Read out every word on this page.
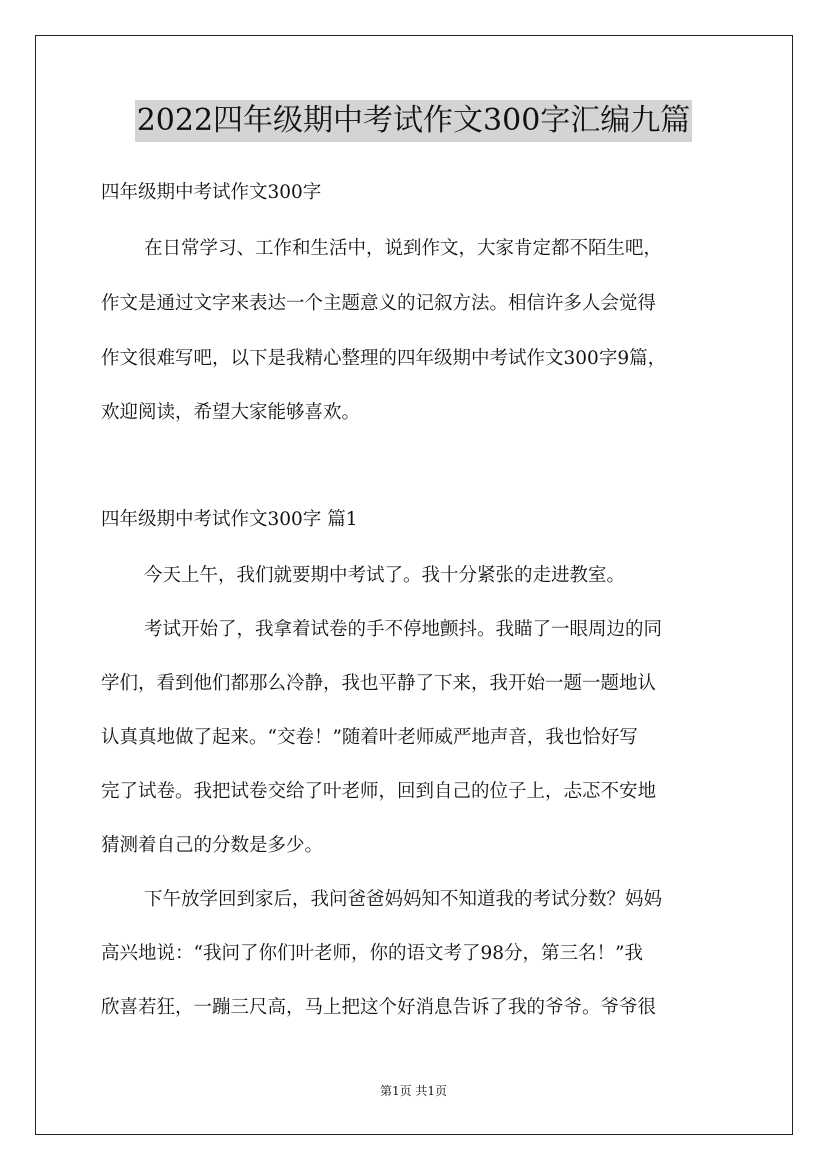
2022四年级期中考试作文300字汇编九篇
四年级期中考试作文300字
在日常学习、工作和生活中，说到作文，大家肯定都不陌生吧，
作文是通过文字来表达一个主题意义的记叙方法。相信许多人会觉得
作文很难写吧，以下是我精心整理的四年级期中考试作文300字9篇，
欢迎阅读，希望大家能够喜欢。
四年级期中考试作文300字 篇1
今天上午，我们就要期中考试了。我十分紧张的走进教室。
考试开始了，我拿着试卷的手不停地颤抖。我瞄了一眼周边的同
学们，看到他们都那么冷静，我也平静了下来，我开始一题一题地认
认真真地做了起来。“交卷！”随着叶老师威严地声音，我也恰好写
完了试卷。我把试卷交给了叶老师，回到自己的位子上，忐忑不安地
猜测着自己的分数是多少。
下午放学回到家后，我问爸爸妈妈知不知道我的考试分数？妈妈
高兴地说：“我问了你们叶老师，你的语文考了98分，第三名！”我
欣喜若狂，一蹦三尺高，马上把这个好消息告诉了我的爷爷。爷爷很
第1页 共1页
